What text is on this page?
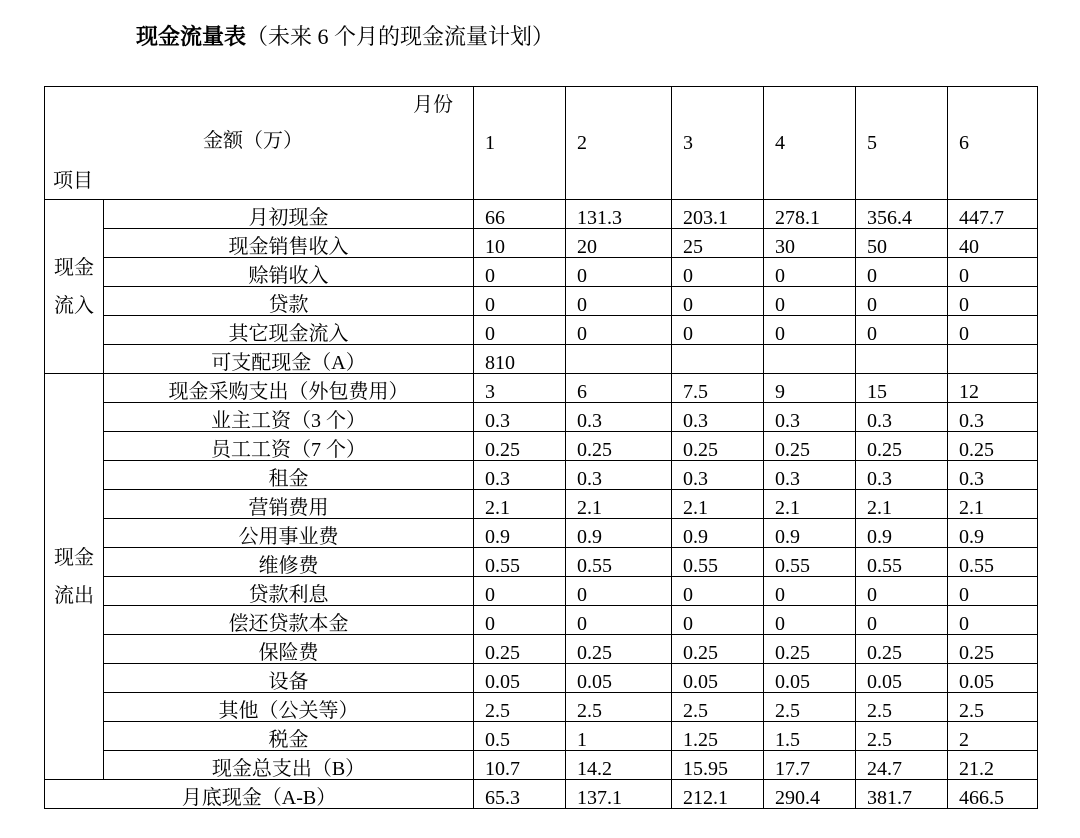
现金流量表（未来 6 个月的现金流量计划）
月份
金额（万）
项目		1	2	3	4	5	6
现金流入	月初现金	66	131.3	203.1	278.1	356.4	447.7
	现金销售收入	10	20	25	30	50	40
	赊销收入	0	0	0	0	0	0
	贷款	0	0	0	0	0	0
	其它现金流入	0	0	0	0	0	0
	可支配现金（A）	810					
现金流出	现金采购支出（外包费用）	3	6	7.5	9	15	12
	业主工资（3 个）	0.3	0.3	0.3	0.3	0.3	0.3
	员工工资（7 个）	0.25	0.25	0.25	0.25	0.25	0.25
	租金	0.3	0.3	0.3	0.3	0.3	0.3
	营销费用	2.1	2.1	2.1	2.1	2.1	2.1
	公用事业费	0.9	0.9	0.9	0.9	0.9	0.9
	维修费	0.55	0.55	0.55	0.55	0.55	0.55
	贷款利息	0	0	0	0	0	0
	偿还贷款本金	0	0	0	0	0	0
	保险费	0.25	0.25	0.25	0.25	0.25	0.25
	设备	0.05	0.05	0.05	0.05	0.05	0.05
	其他（公关等）	2.5	2.5	2.5	2.5	2.5	2.5
	税金	0.5	1	1.25	1.5	2.5	2
	现金总支出（B）	10.7	14.2	15.95	17.7	24.7	21.2
月底现金（A-B）		65.3	137.1	212.1	290.4	381.7	466.5
